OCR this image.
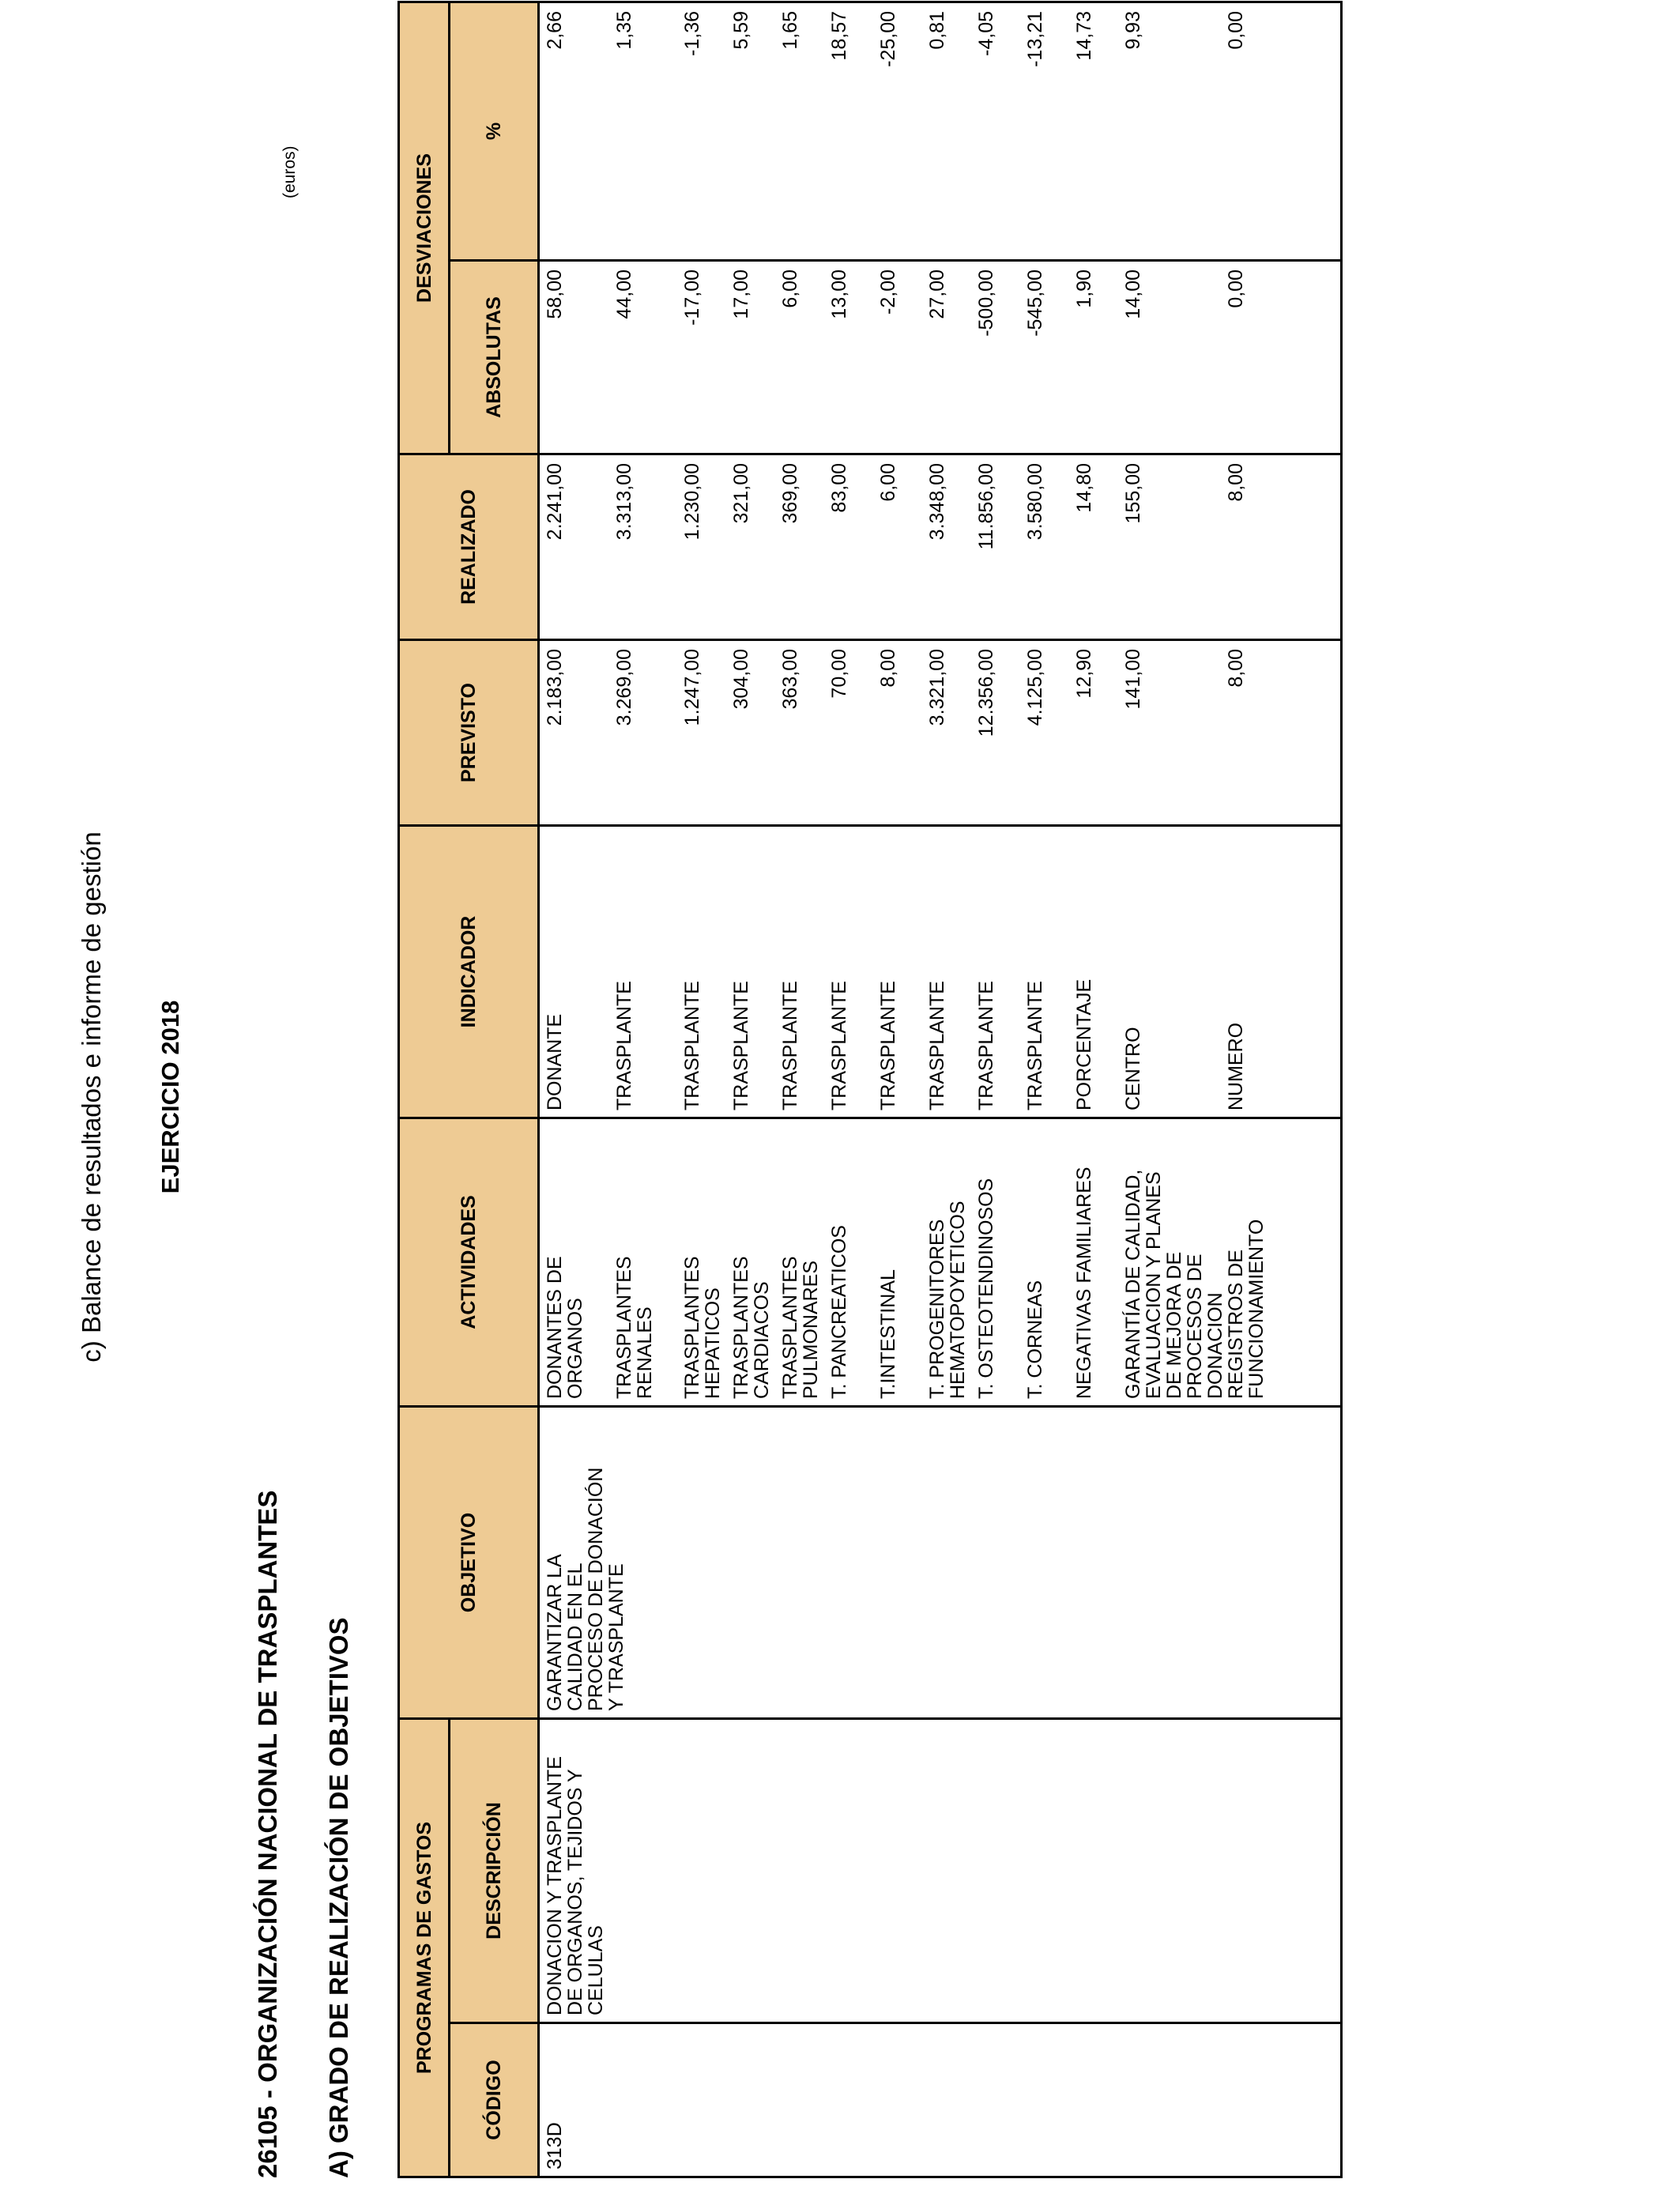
c) Balance de resultados e informe de gestión EJERCICIO 2018
26105 - ORGANIZACIÓN NACIONAL DE TRASPLANTES A) GRADO DE REALIZACIÓN DE OBJETIVOS
(euros)
PROGRAMAS DE GASTOS		OBJETIVO	ACTIVIDADES	INDICADOR	PREVISTO	REALIZADO	DESVIACIONES	
CÓDIGO	DESCRIPCIÓN						ABSOLUTAS	%
313D	DONACION Y TRASPLANTE
DE ORGANOS, TEJIDOS Y
CELULAS	GARANTIZAR LA
CALIDAD EN EL
PROCESO DE DONACIÓN
Y TRASPLANTE	DONANTES DE
ORGANOS	DONANTE	2.183,00	2.241,00	58,00	2,66
			TRASPLANTES
RENALES	TRASPLANTE	3.269,00	3.313,00	44,00	1,35
			TRASPLANTES
HEPATICOS	TRASPLANTE	1.247,00	1.230,00	-17,00	-1,36
			TRASPLANTES
CARDIACOS	TRASPLANTE	304,00	321,00	17,00	5,59
			TRASPLANTES
PULMONARES	TRASPLANTE	363,00	369,00	6,00	1,65
			T. PANCREATICOS	TRASPLANTE	70,00	83,00	13,00	18,57
			T.INTESTINAL	TRASPLANTE	8,00	6,00	-2,00	-25,00
			T. PROGENITORES
HEMATOPOYETICOS	TRASPLANTE	3.321,00	3.348,00	27,00	0,81
			T. OSTEOTENDINOSOS	TRASPLANTE	12.356,00	11.856,00	-500,00	-4,05
			T. CORNEAS	TRASPLANTE	4.125,00	3.580,00	-545,00	-13,21
			NEGATIVAS FAMILIARES	PORCENTAJE	12,90	14,80	1,90	14,73
			GARANTÍA DE CALIDAD,
EVALUACION Y PLANES
DE MEJORA DE
PROCESOS DE
DONACION	CENTRO	141,00	155,00	14,00	9,93
			REGISTROS DE
FUNCIONAMIENTO	NUMERO	8,00	8,00	0,00	0,00
